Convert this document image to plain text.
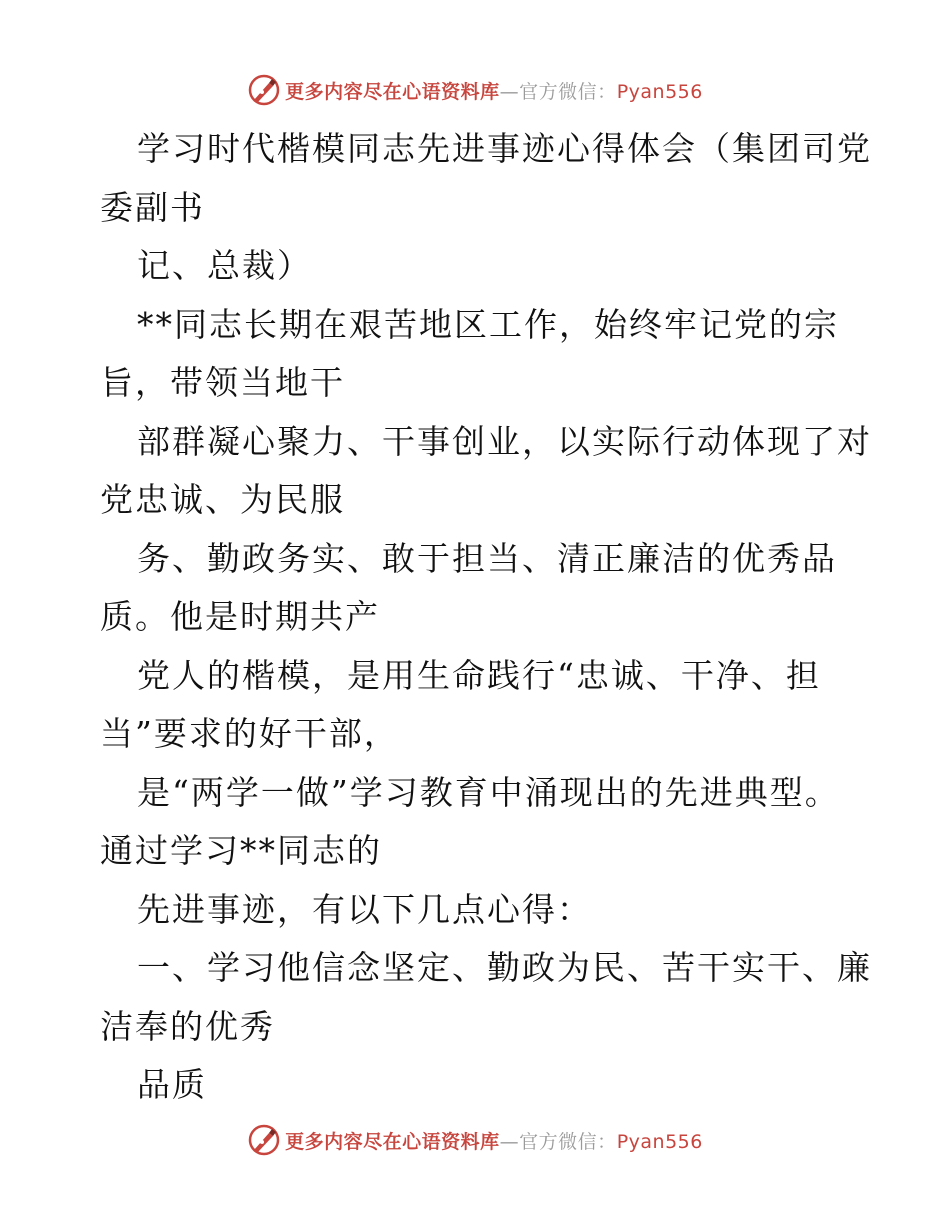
更多内容尽在心语资料库—官方微信：Pyan556
学习时代楷模同志先进事迹心得体会（集团司党
委副书
记、总裁）
**同志长期在艰苦地区工作，始终牢记党的宗
旨，带领当地干
部群凝心聚力、干事创业，以实际行动体现了对
党忠诚、为民服
务、勤政务实、敢于担当、清正廉洁的优秀品
质。他是时期共产
党人的楷模，是用生命践行“忠诚、干净、担
当”要求的好干部，
是“两学一做”学习教育中涌现出的先进典型。
通过学习**同志的
先进事迹，有以下几点心得：
一、学习他信念坚定、勤政为民、苦干实干、廉
洁奉的优秀
品质
更多内容尽在心语资料库—官方微信：Pyan556
